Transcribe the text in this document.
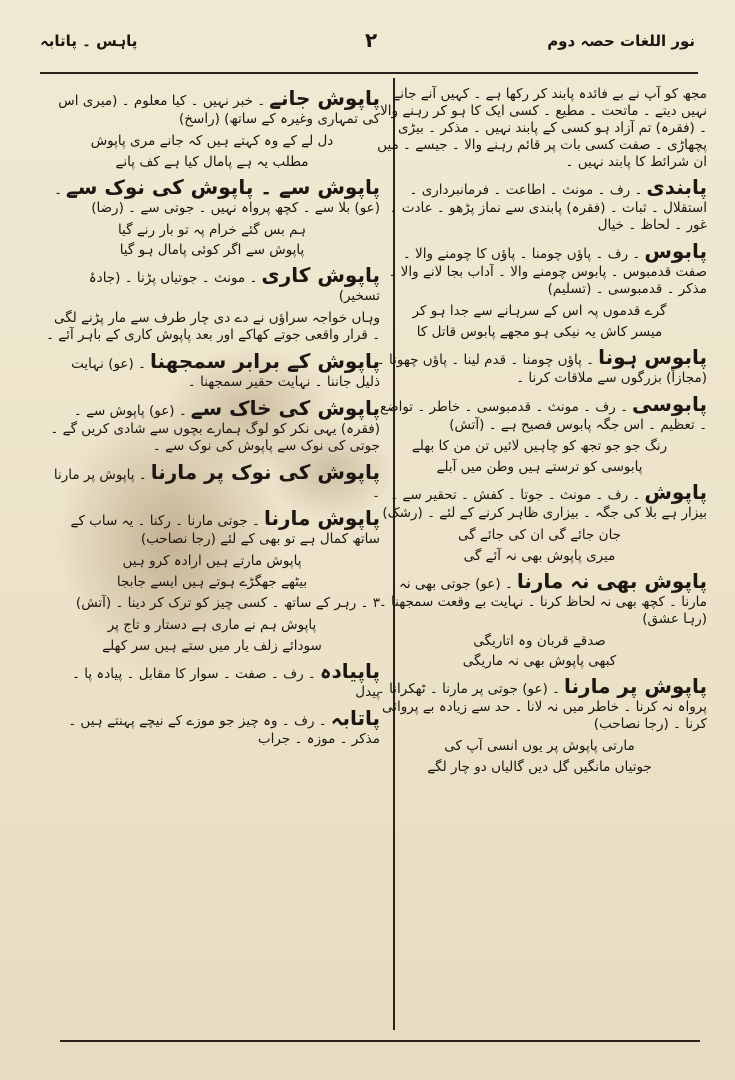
نور اللغات حصہ دوم
۲
پاہس ۔ پاتابہ

مجھ کو آپ نے بے فائدہ پابند کر رکھا ہے ۔ کہیں آنے جانے نہیں دیتے ۔ ماتحت ۔ مطیع ۔ کسی ایک کا ہو کر رہنے والا ۔ (فقرہ) تم آزاد ہو کسی کے پابند نہیں ۔ مذکر ۔ بیڑی پچھاڑی ۔ صفت کسی بات پر قائم رہنے والا ۔ جیسے ۔ میں ان شرائط کا پابند نہیں ۔

پابندی۔ رف ۔ مونث ۔ اطاعت ۔ فرمانبرداری ۔ استقلال ۔ ثبات ۔ (فقرہ) پابندی سے نماز پڑھو ۔ عادت ۔ غور ۔ لحاظ ۔ خیال

پابوس۔ رف ۔ پاؤں چومنا ۔ پاؤں کا چومنے والا ۔ صفت قدمبوس ۔ پابوس چومنے والا ۔ آداب بجا لانے والا ۔ مذکر ۔ قدمبوسی ۔ (تسلیم)

گرے قدموں پہ اس کے سرہانے سے جدا ہو کر

میسر کاش یہ نیکی ہو مجھے پابوس قاتل کا

پابوس ہونا۔ پاؤں چومنا ۔ قدم لینا ۔ پاؤں چھونا ۔ (مجازاً) بزرگوں سے ملاقات کرنا ۔

پابوسی۔ رف ۔ مونث ۔ قدمبوسی ۔ خاطر ۔ تواضع ۔ تعظیم ۔ اس جگہ پابوس فصیح ہے ۔ (آتش)

رنگ جو جو تجھ کو چاہیں لائیں تن من کا بھلے

پابوسی کو ترستے ہیں وطن میں آبلے

پاپوش۔ رف ۔ مونث ۔ جوتا ۔ کفش ۔ تحقیر سے ۔ بیزار ہے بلا کی جگہ ۔ بیزاری ظاہر کرنے کے لئے ۔ (رشک)

جان جائے گی ان کی جائے گی

میری پاپوش بھی نہ آئے گی

پاپوش بھی نہ مارنا۔ (عو) جوتی بھی نہ مارنا ۔ کچھ بھی نہ لحاظ کرنا ۔ نہایت بے وقعت سمجھنا ۔ (رہا عشق)

صدقے قربان وہ اتاریگی

کبھی پاپوش بھی نہ ماریگی

پاپوش پر مارنا۔ (عو) جوتی پر مارنا ۔ ٹھکرانا ۔ پرواہ نہ کرنا ۔ خاطر میں نہ لانا ۔ حد سے زیادہ بے پروائی کرنا ۔ (رجا نصاحب)

مارتی پاپوش پر یوں انسی آپ کی

جوتیاں مانگیں گل دیں گالیاں دو چار لگے

پاپوش جانے۔ خبر نہیں ۔ کیا معلوم ۔ (میری اس کی تمہاری وغیرہ کے ساتھ) (راسخ)

دل لے کے وہ کہتے ہیں کہ جانے مری پاپوش

مطلب یہ ہے پامال کیا ہے کف پانے

پاپوش سے ۔ پاپوش کی نوک سے۔ (عو) بلا سے ۔ کچھ پرواہ نہیں ۔ جوتی سے ۔ (رضا)

ہم بس گئے خرام پہ تو بار رنے گیا

پاپوش سے اگر کوئی پامال ہو گیا

پاپوش کاری۔ مونث ۔ جوتیاں پڑنا ۔ (جادۂ تسخیر)

وہاں خواجہ سراؤں نے دے دی چار طرف سے مار پڑنے لگی ۔ قرار واقعی جوتے کھاکے اور بعد پاپوش کاری کے باہر آئے ۔

پاپوش کے برابر سمجھنا۔ (عو) نہایت ذلیل جاننا ۔ نہایت حقیر سمجھنا ۔

پاپوش کی خاک سے۔ (عو) پاپوش سے ۔ (فقرہ) یہی نکر کو لوگ ہمارے بچوں سے شادی کریں گے ۔ جوتی کی نوک سے پاپوش کی نوک سے ۔

پاپوش کی نوک پر مارنا۔ پاپوش پر مارنا ۔

پاپوش مارنا۔ جوتی مارنا ۔ رکنا ۔ یہ ساب کے ساتھ کمال ہے تو بھی کے لئے (رجا نصاحب)

پاپوش مارتے ہیں ارادہ کرو ہیں

بیٹھے جھگڑے ہوتے ہیں ایسے جابجا

۳ ۔ رہر کے ساتھ ۔ کسی چیز کو ترک کر دینا ۔ (آتش)

پاپوش ہم نے ماری ہے دستار و تاج پر

سودائے زلف یار میں ستے ہیں سر کھلے

پاپیادہ۔ رف ۔ صفت ۔ سوار کا مقابل ۔ پیادہ پا ۔ پیدل

پاتابہ۔ رف ۔ وہ چیز جو موزے کے نیچے پہنتے ہیں ۔ مذکر ۔ موزہ ۔ جراب
